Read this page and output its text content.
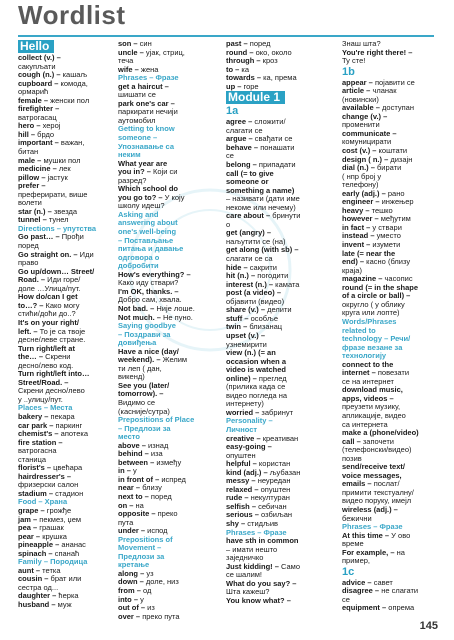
Wordlist
Hello
collect (v.) –
сакупљати
cough (n.) – кашаљ
cupboard – комода,
ормарић
female – женски пол
firefighter –
ватрогасац
hero – херој
hill – брдо
important – важан,
битан
male – мушки пол
medicine – лек
pillow – јастук
prefer –
преферирати, више
волети
star (n.) – звезда
tunnel – тунел
Directions – упутства
Go past… – Прођи
поред
Go straight on. – Иди
право
Go up/down… Street/
Road. – Иди горе/
доле …Улица/пут.
How do/can I get
to…? – Како могу
стићи/доћи до..?
It's on your right/
left. – То је са твоје
десне/леве стране.
Turn right/left at
the… – Скрени
десно/лево код.
Turn right/left into…
Street/Road. –
Скрени десно/лево
у ..улицу/пут.
Places – Места
bakery – пекара
car park – паркинг
chemist's – апотека
fire station –
ватрогасна
станица
florist's – цвећара
hairdresser's –
фризерски салон
stadium – стадион
Food – Храна
grape – грожђе
jam – пекмез, џем
pea – грашак
pear – крушка
pineapple – ананас
spinach – спанаћ
Family – Породица
aunt – тетка
cousin – брат или
сестра од...
daughter – ћерка
husband – муж
son – син
uncle – ујак, стриц,
теча
wife – жена
Phrases – Фразе
get a haircut –
шишати се
park one's car –
паркирати нечији
аутомобил
Getting to know
someone –
Упознавање са
неким
What year are
you in? – Који си
разред?
Which school do
you go to? – У коју
школу идеш?
Asking and
answering about
one's well-being
– Постављање
питања и давање
одговора о
добробити
How's everything? –
Како иду ствари?
I'm OK, thanks. –
Добро сам, хвала.
Not bad. – Није лоше.
Not much. – Не пуно.
Saying goodbye
– Поздрави за
довиђења
Have a nice (day/
weekend). – Желим
ти леп ( дан,
викенд)
See you (later/
tomorrow). –
Видимо се
(касније/сутра)
Prepositions of Place
– Предлози за
место
above – изнад
behind – иза
between – између
in – у
in front of – испред
near – близу
next to – поред
on – на
opposite – преко
пута
under – испод
Prepositions of
Movement –
Предлози за
кретање
along – уз
down – доле, низ
from – од
into – у
out of – из
over – преко пута
past – поред
round – око, около
through – кроз
to – ка
towards – ка, према
up – горе
Module 1
1a
agree – сложити/
слагати се
argue – свађати се
behave – понашати
се
belong – припадати
call (= to give
someone or
something a name)
– називати (дати име
некоме или нечему)
care about – бринути
о
get (angry) –
наљутити се (на)
get along (with sb) –
слагати се са
hide – сакрити
hit (n.) – погодити
interest (n.) – камата
post (a video) –
објавити (видео)
share (v.) – делити
stuff – особље
twin – близанац
upset (v.) –
узнемирити
view (n.) (= an
occasion when a
video is watched
online) – преглед
(прилика када се
видео погледа на
интернету)
worried – забринут
Personality –
Личност
creative – креативан
easy-going –
опуштен
helpful – користан
kind (adj.) – љубазан
messy – неуредан
relaxed – опуштен
rude – некултуран
selfish – себичан
serious – озбиљан
shy – стидљив
Phrases – Фразе
have sth in common
– имати нешто
заједничко
Just kidding! – Само
се шалим!
What do you say? –
Шта кажеш?
You know what? –
Знаш шта?
You're right there! –
Ту сте!
1b
appear – појавити се
article – чланак
(новински)
available – доступан
change (v.) –
променити
communicate –
комуницирати
cost (v.) – коштати
design ( n.) – дизајн
dial (n.) – бирати
( нпр број у
телефону)
early (adj.) – рано
engineer – инжењер
heavy – тешко
however – међутим
in fact – у ствари
instead – уместо
invent – изумети
late (= near the
end) – касно (близу
краја)
magazine – часопис
round (= in the shape
of a circle or ball) –
округло ( у облику
круга или лопте)
Words/Phrases
related to
technology – Речи/
фразе везане за
технологију
connect to the
internet – повезати
се на интернет
download music,
apps, videos –
преузети музику,
апликације, видео
са интернета
make a (phone/video)
call – започети
(телефонски/видео)
позив
send/receive text/
voice messages,
emails – послат/
примити текстуалну/
видео поруку, имејл
wireless (adj.) –
бежични
Phrases – Фразе
At this time – У овo
време
For example, – на
пример,
1c
advice – савет
disagree – не слагати
се
equipment – опрема
145
